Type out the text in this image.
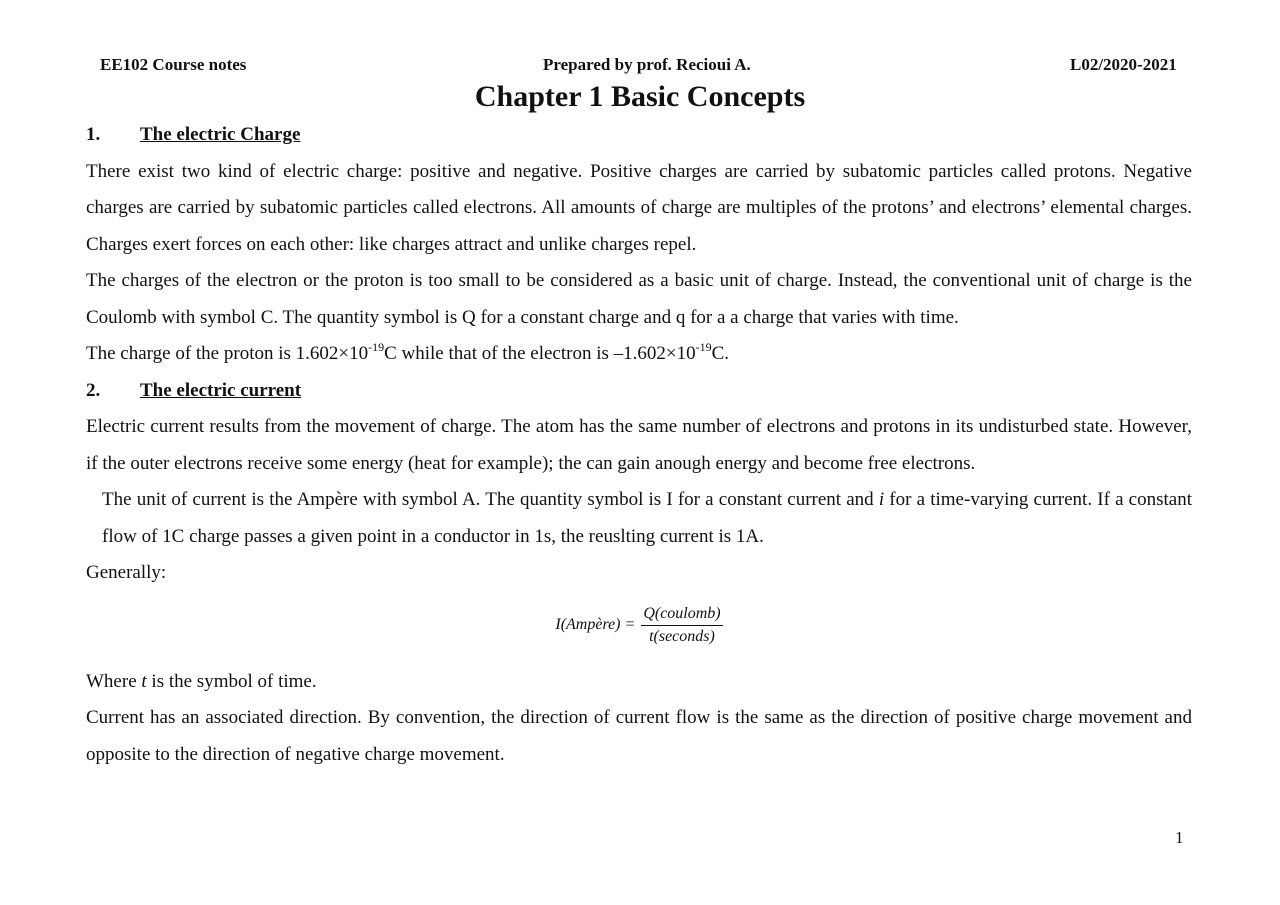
EE102 Course notes	Prepared by prof. Recioui A.	L02/2020-2021
Chapter 1 Basic Concepts

1. The electric Charge

There exist two kind of electric charge: positive and negative. Positive charges are carried by subatomic particles called protons. Negative charges are carried by subatomic particles called electrons. All amounts of charge are multiples of the protons’ and electrons’ elemental charges. Charges exert forces on each other: like charges attract and unlike charges repel.

The charges of the electron or the proton is too small to be considered as a basic unit of charge. Instead, the conventional unit of charge is the Coulomb with symbol C. The quantity symbol is Q for a constant charge and q for a a charge that varies with time.

The charge of the proton is $1.602\times 10^{-19}C$ while that of the electron is $-1.602\times 10^{-19}C$.

2. The electric current

Electric current results from the movement of charge. The atom has the same number of electrons and protons in its undisturbed state. However, if the outer electrons receive some energy (heat for example); the can gain anough energy and become free electrons.

The unit of current is the Ampère with symbol A. The quantity symbol is I for a constant current and i for a time-varying current. If a constant flow of 1C charge passes a given point in a conductor in 1s, the reuslting current is 1A.

Generally:

I(Ampère) = $\frac{\text{Q(coulomb)}}{\text{t(seconds)}}$

Where t is the symbol of time.

Current has an associated direction. By convention, the direction of current flow is the same as the direction of positive charge movement and opposite to the direction of negative charge movement.

1
